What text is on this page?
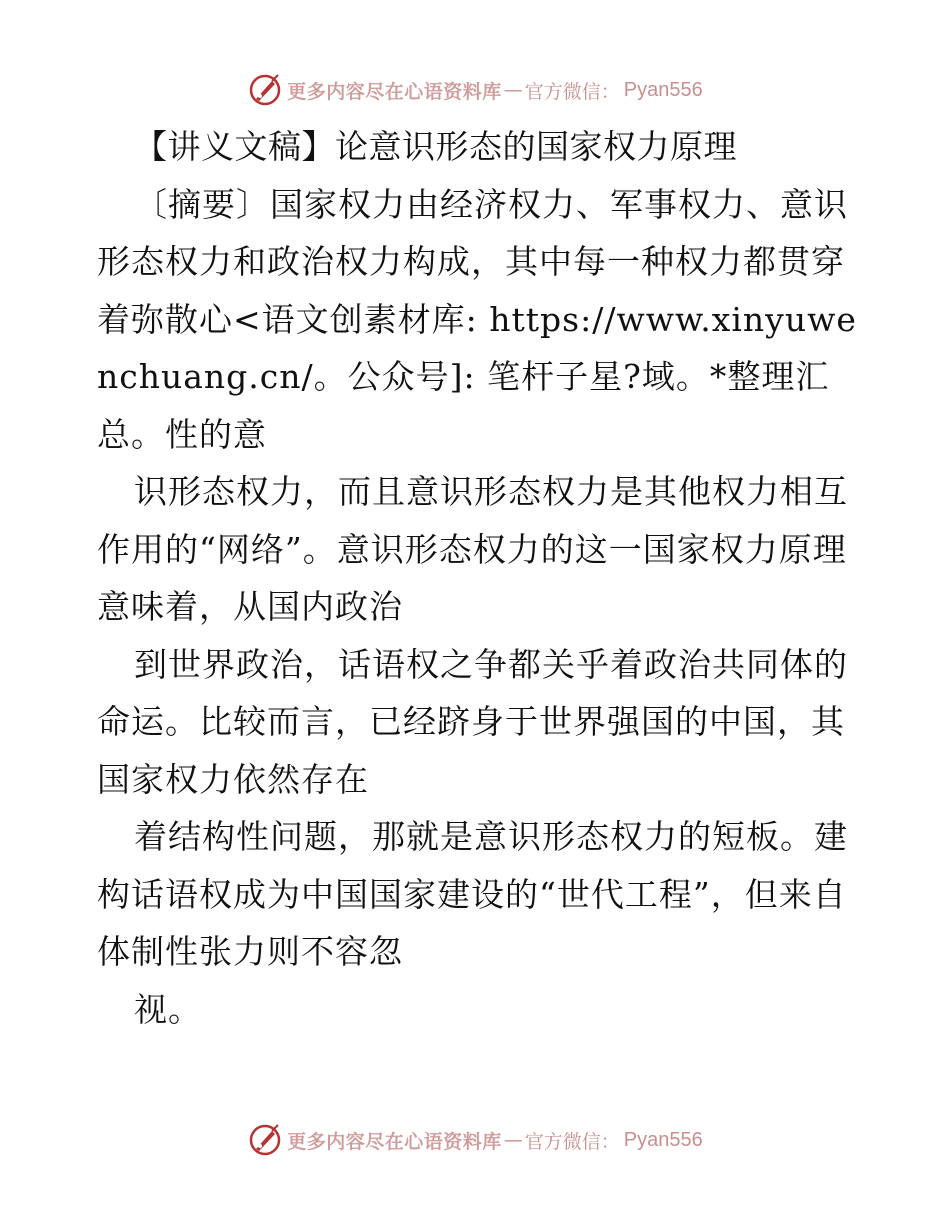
更多内容尽在心语资料库 — 官方微信： Pyan556

【讲义文稿】论意识形态的国家权力原理

〔摘要〕国家权力由经济权力、军事权力、意识形态权力和政治权力构成，其中每一种权力都贯穿着弥散心<语文创素材库: https://www.xinyuwenchuang.cn/。公众号]: 笔杆子星?域。*整理汇总。性的意

识形态权力，而且意识形态权力是其他权力相互作用的“网络”。意识形态权力的这一国家权力原理意味着，从国内政治

到世界政治，话语权之争都关乎着政治共同体的命运。比较而言，已经跻身于世界强国的中国，其国家权力依然存在

着结构性问题，那就是意识形态权力的短板。建构话语权成为中国国家建设的“世代工程”，但来自体制性张力则不容忽

视。

更多内容尽在心语资料库 — 官方微信： Pyan556
